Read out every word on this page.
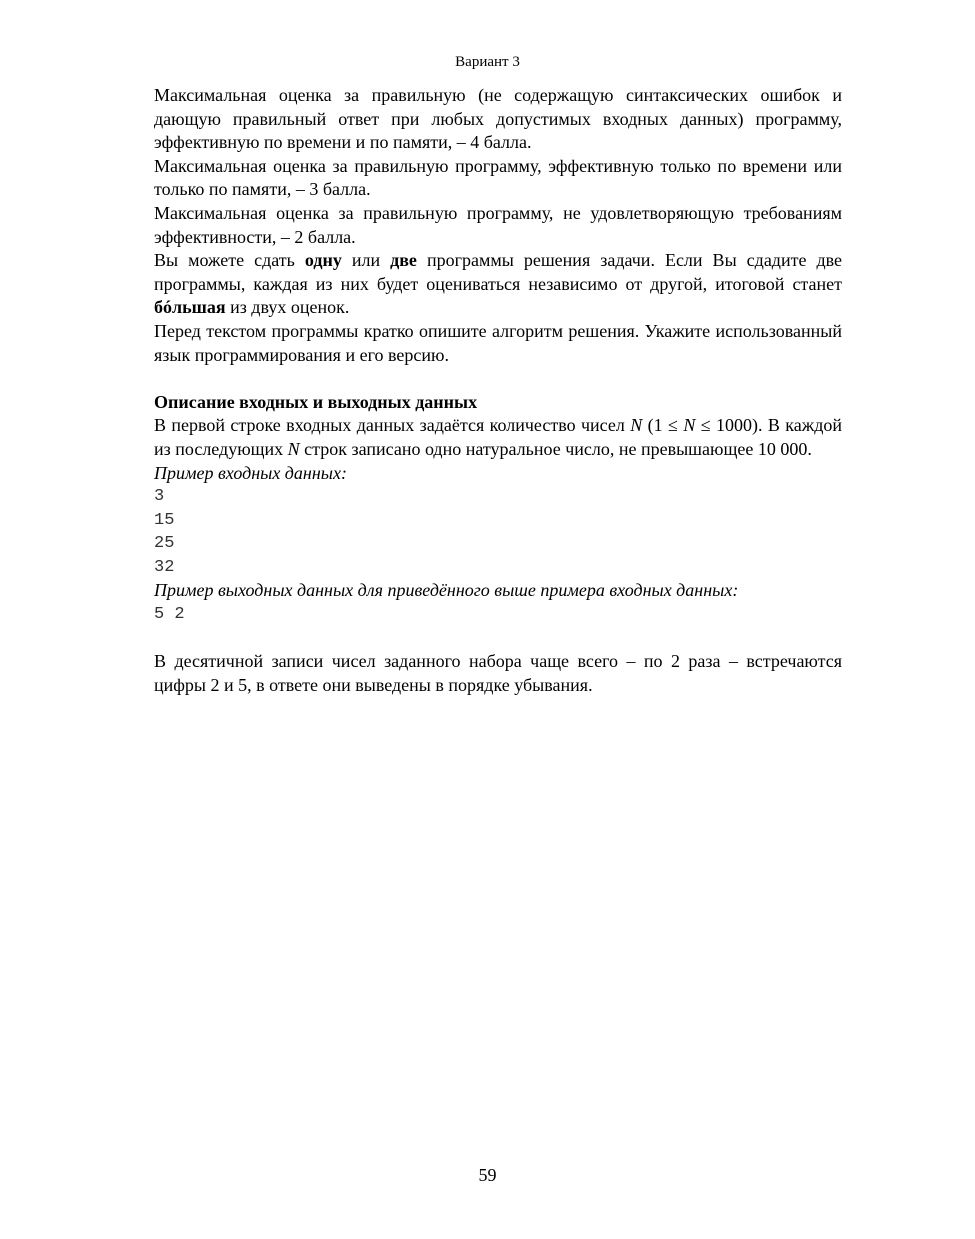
Вариант 3

Максимальная оценка за правильную (не содержащую синтаксических ошибок и дающую правильный ответ при любых допустимых входных данных) программу, эффективную по времени и по памяти, – 4 балла.

Максимальная оценка за правильную программу, эффективную только по времени или только по памяти, – 3 балла.

Максимальная оценка за правильную программу, не удовлетворяющую требованиям эффективности, – 2 балла.

Вы можете сдать одну или две программы решения задачи. Если Вы сдадите две программы, каждая из них будет оцениваться независимо от другой, итоговой станет бóльшая из двух оценок.

Перед текстом программы кратко опишите алгоритм решения. Укажите использованный язык программирования и его версию.

Описание входных и выходных данных

В первой строке входных данных задаётся количество чисел N (1 ≤ N ≤ 1000). В каждой из последующих N строк записано одно натуральное число, не превышающее 10 000.

Пример входных данных:

3

15

25

32

Пример выходных данных для приведённого выше примера входных данных:

5 2

В десятичной записи чисел заданного набора чаще всего – по 2 раза – встречаются цифры 2 и 5, в ответе они выведены в порядке убывания.

59
